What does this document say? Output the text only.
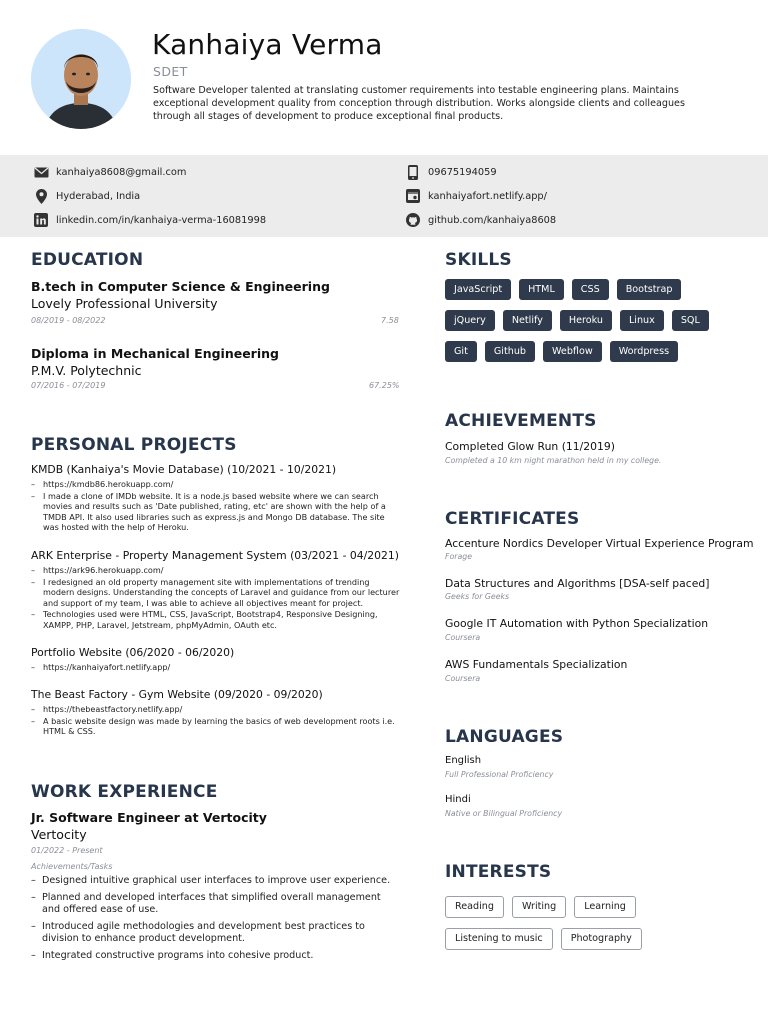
Kanhaiya Verma
SDET
Software Developer talented at translating customer requirements into testable engineering plans. Maintains exceptional development quality from conception through distribution. Works alongside clients and colleagues through all stages of development to produce exceptional final products.
kanhaiya8608@gmail.com
Hyderabad, India
linkedin.com/in/kanhaiya-verma-16081998
09675194059
kanhaiyafort.netlify.app/
github.com/kanhaiya8608
EDUCATION
B.tech in Computer Science & Engineering
Lovely Professional University
08/2019 - 08/2022	7.58
Diploma in Mechanical Engineering
P.M.V. Polytechnic
07/2016 - 07/2019	67.25%
PERSONAL PROJECTS
KMDB (Kanhaiya's Movie Database) (10/2021 - 10/2021)
– https://kmdb86.herokuapp.com/
– I made a clone of IMDb website. It is a node.js based website where we can search movies and results such as 'Date published, rating, etc' are shown with the help of a TMDB API. It also used libraries such as express.js and Mongo DB database. The site was hosted with the help of Heroku.
ARK Enterprise - Property Management System (03/2021 - 04/2021)
– https://ark96.herokuapp.com/
– I redesigned an old property management site with implementations of trending modern designs. Understanding the concepts of Laravel and guidance from our lecturer and support of my team, I was able to achieve all objectives meant for project.
– Technologies used were HTML, CSS, JavaScript, Bootstrap4, Responsive Designing, XAMPP, PHP, Laravel, Jetstream, phpMyAdmin, OAuth etc.
Portfolio Website (06/2020 - 06/2020)
– https://kanhaiyafort.netlify.app/
The Beast Factory - Gym Website (09/2020 - 09/2020)
– https://thebeastfactory.netlify.app/
– A basic website design was made by learning the basics of web development roots i.e. HTML & CSS.
WORK EXPERIENCE
Jr. Software Engineer at Vertocity
Vertocity
01/2022 - Present
Achievements/Tasks
– Designed intuitive graphical user interfaces to improve user experience.
– Planned and developed interfaces that simplified overall management and offered ease of use.
– Introduced agile methodologies and development best practices to division to enhance product development.
– Integrated constructive programs into cohesive product.
SKILLS
JavaScript	HTML	CSS	Bootstrap
jQuery	Netlify	Heroku	Linux	SQL
Git	Github	Webflow	Wordpress
ACHIEVEMENTS
Completed Glow Run (11/2019)
Completed a 10 km night marathon held in my college.
CERTIFICATES
Accenture Nordics Developer Virtual Experience Program
Forage
Data Structures and Algorithms [DSA-self paced]
Geeks for Geeks
Google IT Automation with Python Specialization
Coursera
AWS Fundamentals Specialization
Coursera
LANGUAGES
English
Full Professional Proficiency
Hindi
Native or Bilingual Proficiency
INTERESTS
Reading	Writing	Learning
Listening to music	Photography
